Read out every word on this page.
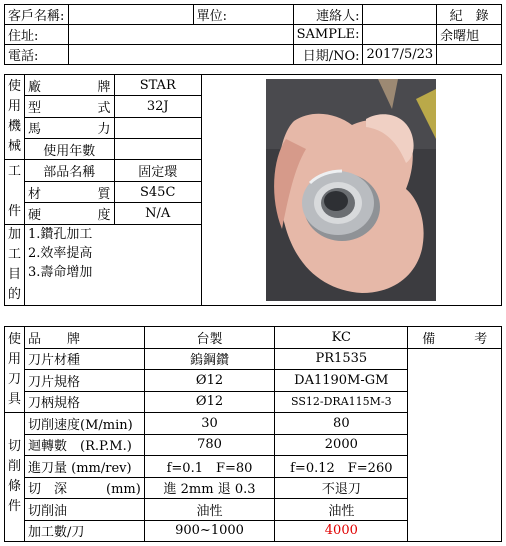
客戶名稱:		單位:	連絡人:		紀　錄
住址:			SAMPLE:		余曙旭
電話:			日期/NO:	2017/5/23	
使
用
機
械	廠　牌	STAR	

	型　式	32J	
	馬　力		
	使用年數		

工

件	部品名稱	固定環	
	材　質	S45C	
	硬　度	N/A	

加
工
目
的	1.鑽孔加工
2.效率提高
3.壽命增加		

使
用
刀
具	品　　牌	台製	KC	備　　　考
	刀片材種	鎢鋼鑽	PR1535	
	刀片規格	Ø12	DA1190M-GM	
	刀柄規格	Ø12	SS12-DRA115M-3	

切
削
條
件	切削速度(M/min)	30	80	
	迴轉數　(R.P.M.)	780	2000	
	進刀量 (mm/rev)	f=0.1　F=80	f=0.12　F=260	
	切　深　　　(mm)	進 2mm 退 0.3	不退刀	
	切削油	油性	油性	
	加工數/刀	900~1000	4000	
